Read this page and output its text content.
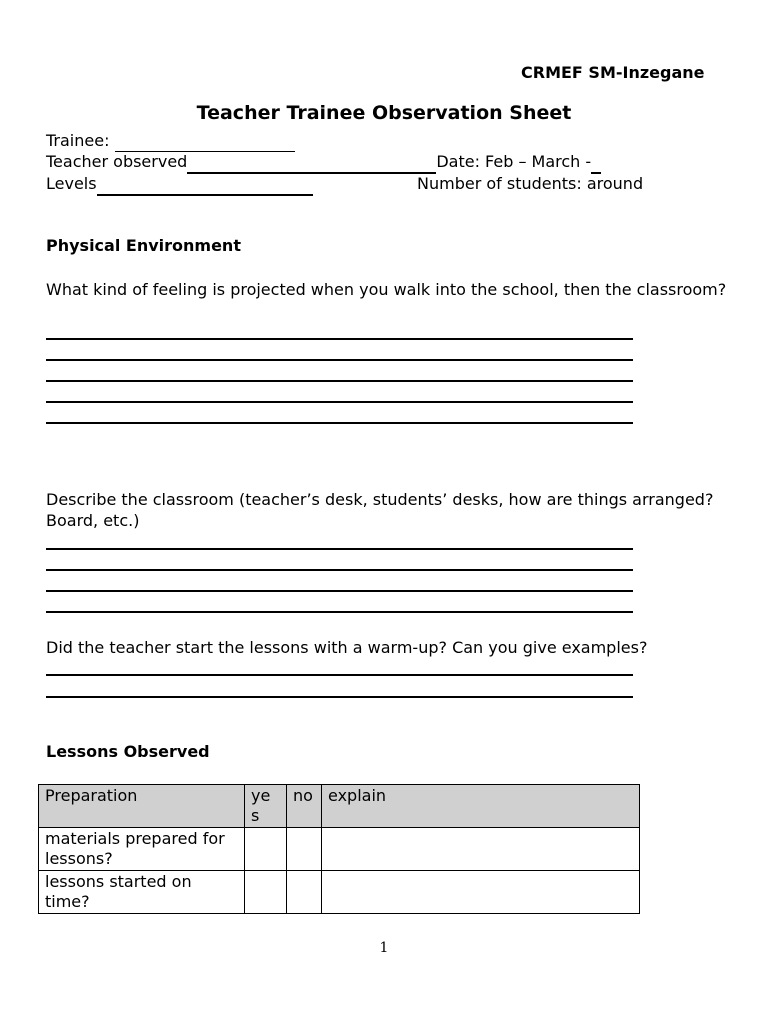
CRMEF SM-Inzegane
Teacher Trainee Observation Sheet
Trainee:
Teacher observed	Date: Feb – March -
Levels	Number of students: around
Physical Environment
What kind of feeling is projected when you walk into the school, then the classroom?
Describe the classroom (teacher’s desk, students’ desks, how are things arranged? Board, etc.)
Did the teacher start the lessons with a warm-up? Can you give examples?
Lessons Observed
Preparation	ye s	no	explain
materials prepared for lessons?			
lessons started on time?			
1
